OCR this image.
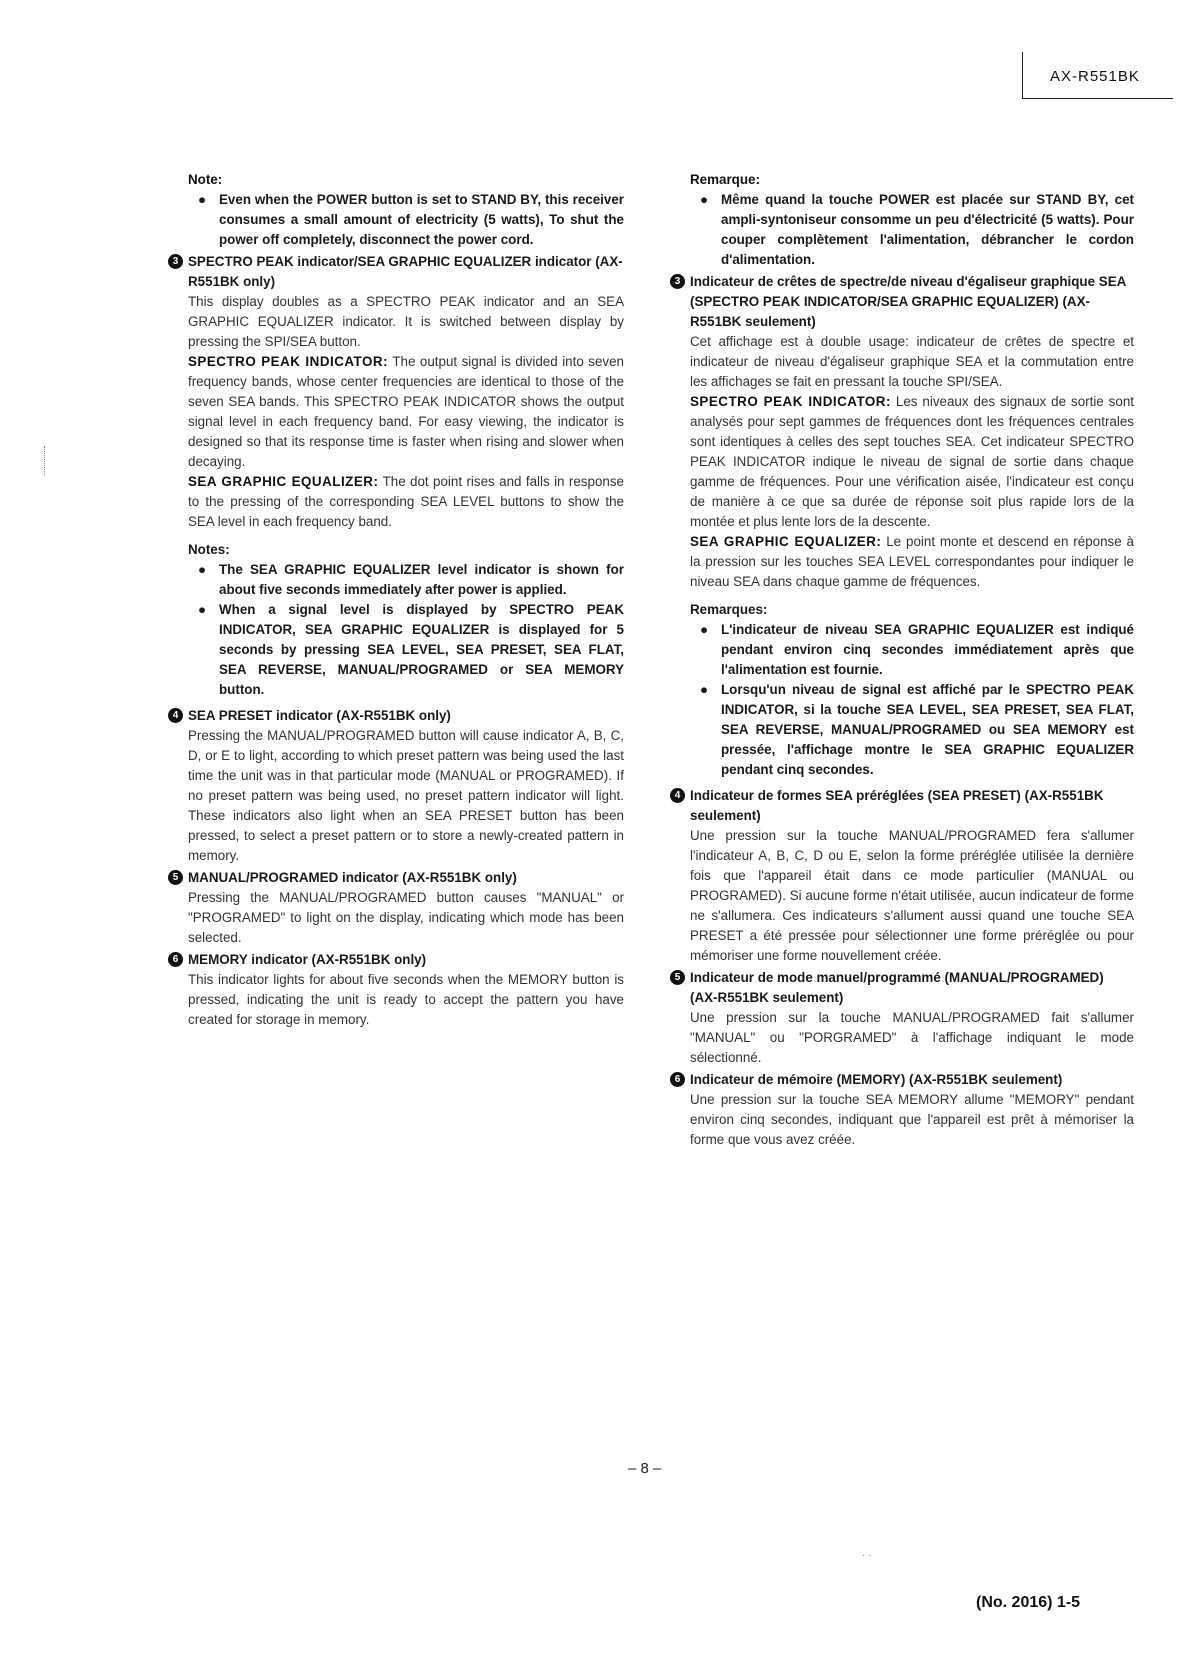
AX-R551BK
Note:
● Even when the POWER button is set to STAND BY, this receiver consumes a small amount of electricity (5 watts), To shut the power off completely, disconnect the power cord.
3 SPECTRO PEAK indicator/SEA GRAPHIC EQUALIZER indicator (AX-R551BK only)
This display doubles as a SPECTRO PEAK indicator and an SEA GRAPHIC EQUALIZER indicator. It is switched between display by pressing the SPI/SEA button.
SPECTRO PEAK INDICATOR: The output signal is divided into seven frequency bands, whose center frequencies are identical to those of the seven SEA bands. This SPECTRO PEAK INDICATOR shows the output signal level in each frequency band. For easy viewing, the indicator is designed so that its response time is faster when rising and slower when decaying.
SEA GRAPHIC EQUALIZER: The dot point rises and falls in response to the pressing of the corresponding SEA LEVEL buttons to show the SEA level in each frequency band.
Notes:
● The SEA GRAPHIC EQUALIZER level indicator is shown for about five seconds immediately after power is applied.
● When a signal level is displayed by SPECTRO PEAK INDICATOR, SEA GRAPHIC EQUALIZER is displayed for 5 seconds by pressing SEA LEVEL, SEA PRESET, SEA FLAT, SEA REVERSE, MANUAL/PROGRAMED or SEA MEMORY button.
4 SEA PRESET indicator (AX-R551BK only)
Pressing the MANUAL/PROGRAMED button will cause indicator A, B, C, D, or E to light, according to which preset pattern was being used the last time the unit was in that particular mode (MANUAL or PROGRAMED). If no preset pattern was being used, no preset pattern indicator will light. These indicators also light when an SEA PRESET button has been pressed, to select a preset pattern or to store a newly-created pattern in memory.
5 MANUAL/PROGRAMED indicator (AX-R551BK only)
Pressing the MANUAL/PROGRAMED button causes "MANUAL" or "PROGRAMED" to light on the display, indicating which mode has been selected.
6 MEMORY indicator (AX-R551BK only)
This indicator lights for about five seconds when the MEMORY button is pressed, indicating the unit is ready to accept the pattern you have created for storage in memory.
Remarque:
● Même quand la touche POWER est placée sur STAND BY, cet ampli-syntoniseur consomme un peu d'électricité (5 watts). Pour couper complètement l'alimentation, débrancher le cordon d'alimentation.
3 Indicateur de crêtes de spectre/de niveau d'égaliseur graphique SEA (SPECTRO PEAK INDICATOR/SEA GRAPHIC EQUALIZER) (AX-R551BK seulement)
Cet affichage est à double usage: indicateur de crêtes de spectre et indicateur de niveau d'égaliseur graphique SEA et la commutation entre les affichages se fait en pressant la touche SPI/SEA.
SPECTRO PEAK INDICATOR: Les niveaux des signaux de sortie sont analysés pour sept gammes de fréquences dont les fréquences centrales sont identiques à celles des sept touches SEA. Cet indicateur SPECTRO PEAK INDICATOR indique le niveau de signal de sortie dans chaque gamme de fréquences. Pour une vérification aisée, l'indicateur est conçu de manière à ce que sa durée de réponse soit plus rapide lors de la montée et plus lente lors de la descente.
SEA GRAPHIC EQUALIZER: Le point monte et descend en réponse à la pression sur les touches SEA LEVEL correspondantes pour indiquer le niveau SEA dans chaque gamme de fréquences.
Remarques:
● L'indicateur de niveau SEA GRAPHIC EQUALIZER est indiqué pendant environ cinq secondes immédiatement après que l'alimentation est fournie.
● Lorsqu'un niveau de signal est affiché par le SPECTRO PEAK INDICATOR, si la touche SEA LEVEL, SEA PRESET, SEA FLAT, SEA REVERSE, MANUAL/PROGRAMED ou SEA MEMORY est pressée, l'affichage montre le SEA GRAPHIC EQUALIZER pendant cinq secondes.
4 Indicateur de formes SEA préréglées (SEA PRESET) (AX-R551BK seulement)
Une pression sur la touche MANUAL/PROGRAMED fera s'allumer l'indicateur A, B, C, D ou E, selon la forme préréglée utilisée la dernière fois que l'appareil était dans ce mode particulier (MANUAL ou PROGRAMED). Si aucune forme n'était utilisée, aucun indicateur de forme ne s'allumera. Ces indicateurs s'allument aussi quand une touche SEA PRESET a été pressée pour sélectionner une forme préréglée ou pour mémoriser une forme nouvellement créée.
5 Indicateur de mode manuel/programmé (MANUAL/PROGRAMED) (AX-R551BK seulement)
Une pression sur la touche MANUAL/PROGRAMED fait s'allumer "MANUAL" ou "PORGRAMED" à l'affichage indiquant le mode sélectionné.
6 Indicateur de mémoire (MEMORY) (AX-R551BK seulement)
Une pression sur la touche SEA MEMORY allume "MEMORY" pendant environ cinq secondes, indiquant que l'appareil est prêt à mémoriser la forme que vous avez créée.
– 8 –
· ·
(No. 2016) 1-5
